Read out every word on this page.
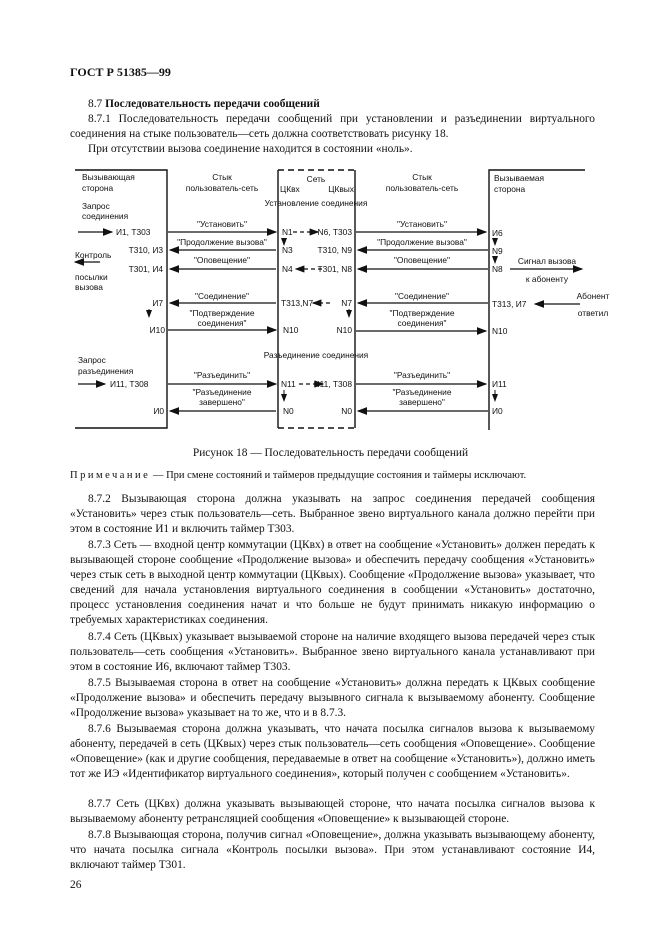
ГОСТ Р 51385—99
8.7 Последовательность передачи сообщений
8.7.1 Последовательность передачи сообщений при установлении и разъединении виртуального соединения на стыке пользователь—сеть должна соответствовать рисунку 18.
При отсутствии вызова соединение находится в состоянии «ноль».
Вызывающая
сторона
Стык
пользователь-сеть
Сеть
ЦКвх	ЦКвых
Стык
пользователь-сеть
Вызываемая
сторона
Установление соединения
Запрос
соединения
И1, Т303
"Установить"
"Продолжение вызова"
"Оповещение"
Т310, И3
Контроль
Т301, И4
посылки
вызова
N1
N3
N4
N6, Т303
Т310, N9
Т301, N8
"Установить"
"Продолжение вызова"
"Оповещение"
И6
N9
N8
Сигнал вызова
к абоненту
И7
И10
"Соединение"
"Подтверждение
соединения"
Т313,N7	N7
N10	N10
"Соединение"
"Подтверждение
соединения"
Т313, И7
N10
Абонент
ответил
Разъединение соединения
Запрос
разъединения
И11, Т308
И0
"Разъединить"
"Разъединение
завершено"
N11 N11, Т308
N0	N0
"Разъединить"
"Разъединение
завершено"
И11
И0
Рисунок 18 — Последовательность передачи сообщений
Примечание — При смене состояний и таймеров предыдущие состояния и таймеры исключают.
8.7.2 Вызывающая сторона должна указывать на запрос соединения передачей сообщения «Установить» через стык пользователь—сеть. Выбранное звено виртуального канала должно перейти при этом в состояние И1 и включить таймер Т303.
8.7.3 Сеть — входной центр коммутации (ЦКвх) в ответ на сообщение «Установить» должен передать к вызывающей стороне сообщение «Продолжение вызова» и обеспечить передачу сообщения «Установить» через стык сеть в выходной центр коммутации (ЦКвых). Сообщение «Продолжение вызова» указывает, что сведений для начала установления виртуального соединения в сообщении «Установить» достаточно, процесс установления соединения начат и что больше не будут принимать никакую информацию о требуемых характеристиках соединения.
8.7.4 Сеть (ЦКвых) указывает вызываемой стороне на наличие входящего вызова передачей через стык пользователь—сеть сообщения «Установить». Выбранное звено виртуального канала устанавливают при этом в состояние И6, включают таймер Т303.
8.7.5 Вызываемая сторона в ответ на сообщение «Установить» должна передать к ЦКвых сообщение «Продолжение вызова» и обеспечить передачу вызывного сигнала к вызываемому абоненту. Сообщение «Продолжение вызова» указывает на то же, что и в 8.7.3.
8.7.6 Вызываемая сторона должна указывать, что начата посылка сигналов вызова к вызываемому абоненту, передачей в сеть (ЦКвых) через стык пользователь—сеть сообщения «Оповещение». Сообщение «Оповещение» (как и другие сообщения, передаваемые в ответ на сообщение «Установить»), должно иметь тот же ИЭ «Идентификатор виртуального соединения», который получен с сообщением «Установить».
8.7.7 Сеть (ЦКвх) должна указывать вызывающей стороне, что начата посылка сигналов вызова к вызываемому абоненту ретрансляцией сообщения «Оповещение» к вызывающей стороне.
8.7.8 Вызывающая сторона, получив сигнал «Оповещение», должна указывать вызывающему абоненту, что начата посылка сигнала «Контроль посылки вызова». При этом устанавливают состояние И4, включают таймер Т301.
26
